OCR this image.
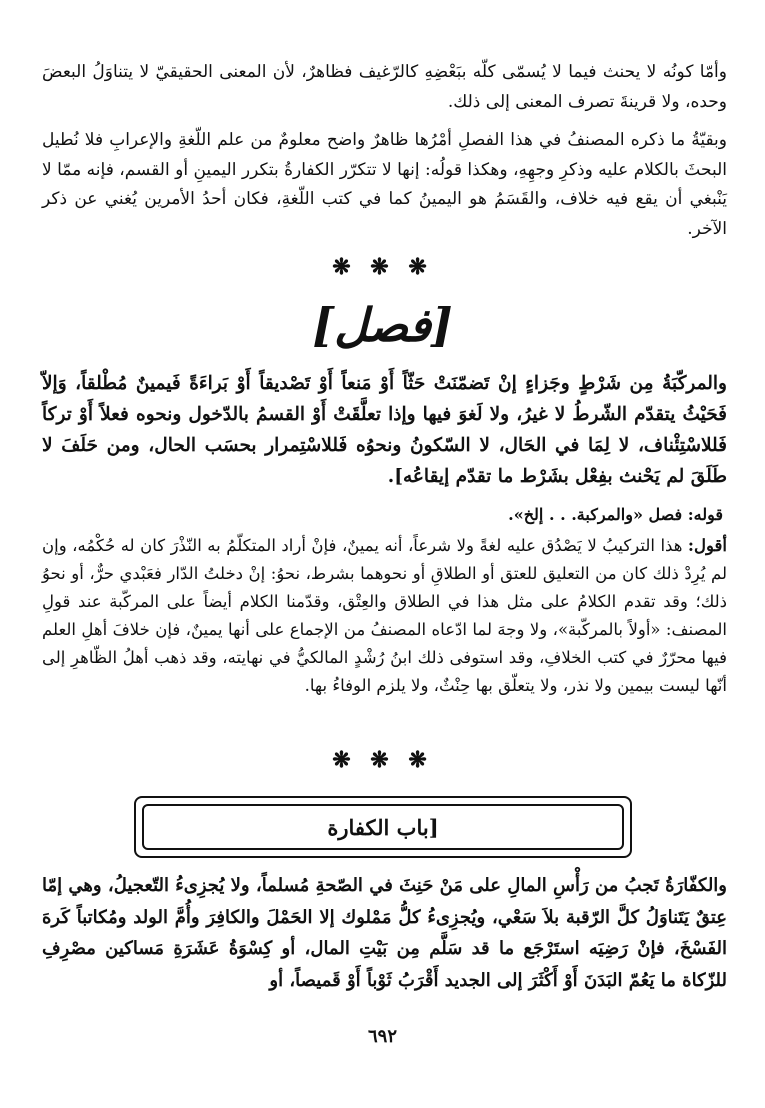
وأمّا كونُه لا يحنث فيما لا يُسمّى كلّه ببَعْضِهِ كالرّغيف فظاهرٌ، لأن المعنى الحقيقيّ لا يتناوَلُ البعضَ وحده، ولا قرينةَ تصرف المعنى إلى ذلك.

وبقيّةُ ما ذكره المصنفُ في هذا الفصلِ أمْرُها ظاهرٌ واضح معلومٌ من علم اللّغةِ والإعرابِ فلا نُطيل البحثَ بالكلام عليه وذكرِ وجهِهِ، وهكذا قولُه: إنها لا تتكرّر الكفارةُ بتكرر اليمينِ أو القسم، فإنه ممّا لا يَنْبغي أن يقع فيه خلاف، والقَسَمُ هو اليمينُ كما في كتب اللّغةِ، فكان أحدُ الأمرين يُغني عن ذكر الآخر.

❋ ❋ ❋
[فصل]

والمركّبَةُ مِن شَرْطٍ وجَزاءٍ إنْ تَضمّنَتْ حَثّاً أَوْ مَنعاً أَوْ تَصْديقاً أَوْ بَراءَةً فَيمينٌ مُطْلقاً، وَإلاّ فَحَيْثُ يتقدّم الشّرطُ لا غيرُ، ولا لَغوَ فيها وإذا تعلَّقَتْ أَوْ القسمُ بالدّخول ونحوه فعلاً أَوْ تركاً فَللاسْتِئْناف، لا لِمَا في الحَال، لا السّكونُ ونحوُه فَللاسْتِمرار بحسَب الحال، ومن حَلَفَ لا طَلَقَ لم يَحْنث بفِعْل بشَرْط ما تقدّم إيقاعُه].

قوله: فصل «والمركبة. . . إلخ».

أقول: هذا التركيبُ لا يَصْدُق عليه لغةً ولا شرعاً، أنه يمينٌ، فإنْ أراد المتكلّمُ به النّذْرَ كان له حُكْمُه، وإن لم يُرِدْ ذلك كان من التعليق للعتق أو الطلاقِ أو نحوهما بشرط، نحوُ: إنْ دخلتُ الدّار فعَبْدي حرٌّ، أو نحوُ ذلك؛ وقد تقدم الكلامُ على مثل هذا في الطلاق والعِتْق، وقدّمنا الكلام أيضاً على المركّبة عند قولِ المصنف: «أولاً بالمركّبة»، ولا وجهَ لما ادّعاه المصنفُ من الإجماع على أنها يمينٌ، فإن خلافَ أهلِ العلم فيها محرّرٌ في كتب الخلافِ، وقد استوفى ذلك ابنُ رُشْدٍ المالكيُّ في نهايته، وقد ذهب أهلُ الظّاهرِ إلى أنّها ليست بيمين ولا نذر، ولا يتعلّق بها حِنْثٌ، ولا يلزم الوفاءُ بها.

❋ ❋ ❋
[باب الكفارة

والكفّارَةُ تَجبُ من رَأْسِ المالِ على مَنْ حَنِثَ في الصّحةِ مُسلماً، ولا يُجزِىءُ التّعجيلُ، وهي إمّا عِتقٌ يَتَناوَلُ كلَّ الرّقبة بلاَ سَعْي، ويُجزِىءُ كلُّ مَمْلوك إلا الحَمْلَ والكافِرَ وأُمَّ الولد ومُكاتباً كَرهَ الفَسْخَ، فإنْ رَضِيَه استَرْجَع ما قد سَلَّم مِن بَيْتِ المال، أو كِسْوَةُ عَشَرَةِ مَساكين مصْرِفِ للزّكاة ما يَعُمّ البَدَنَ أَوْ أَكْثَرَ إلى الجديد أَقْرَبُ ثَوْباً أَوْ قَميصاً، أو

٦٩٢
